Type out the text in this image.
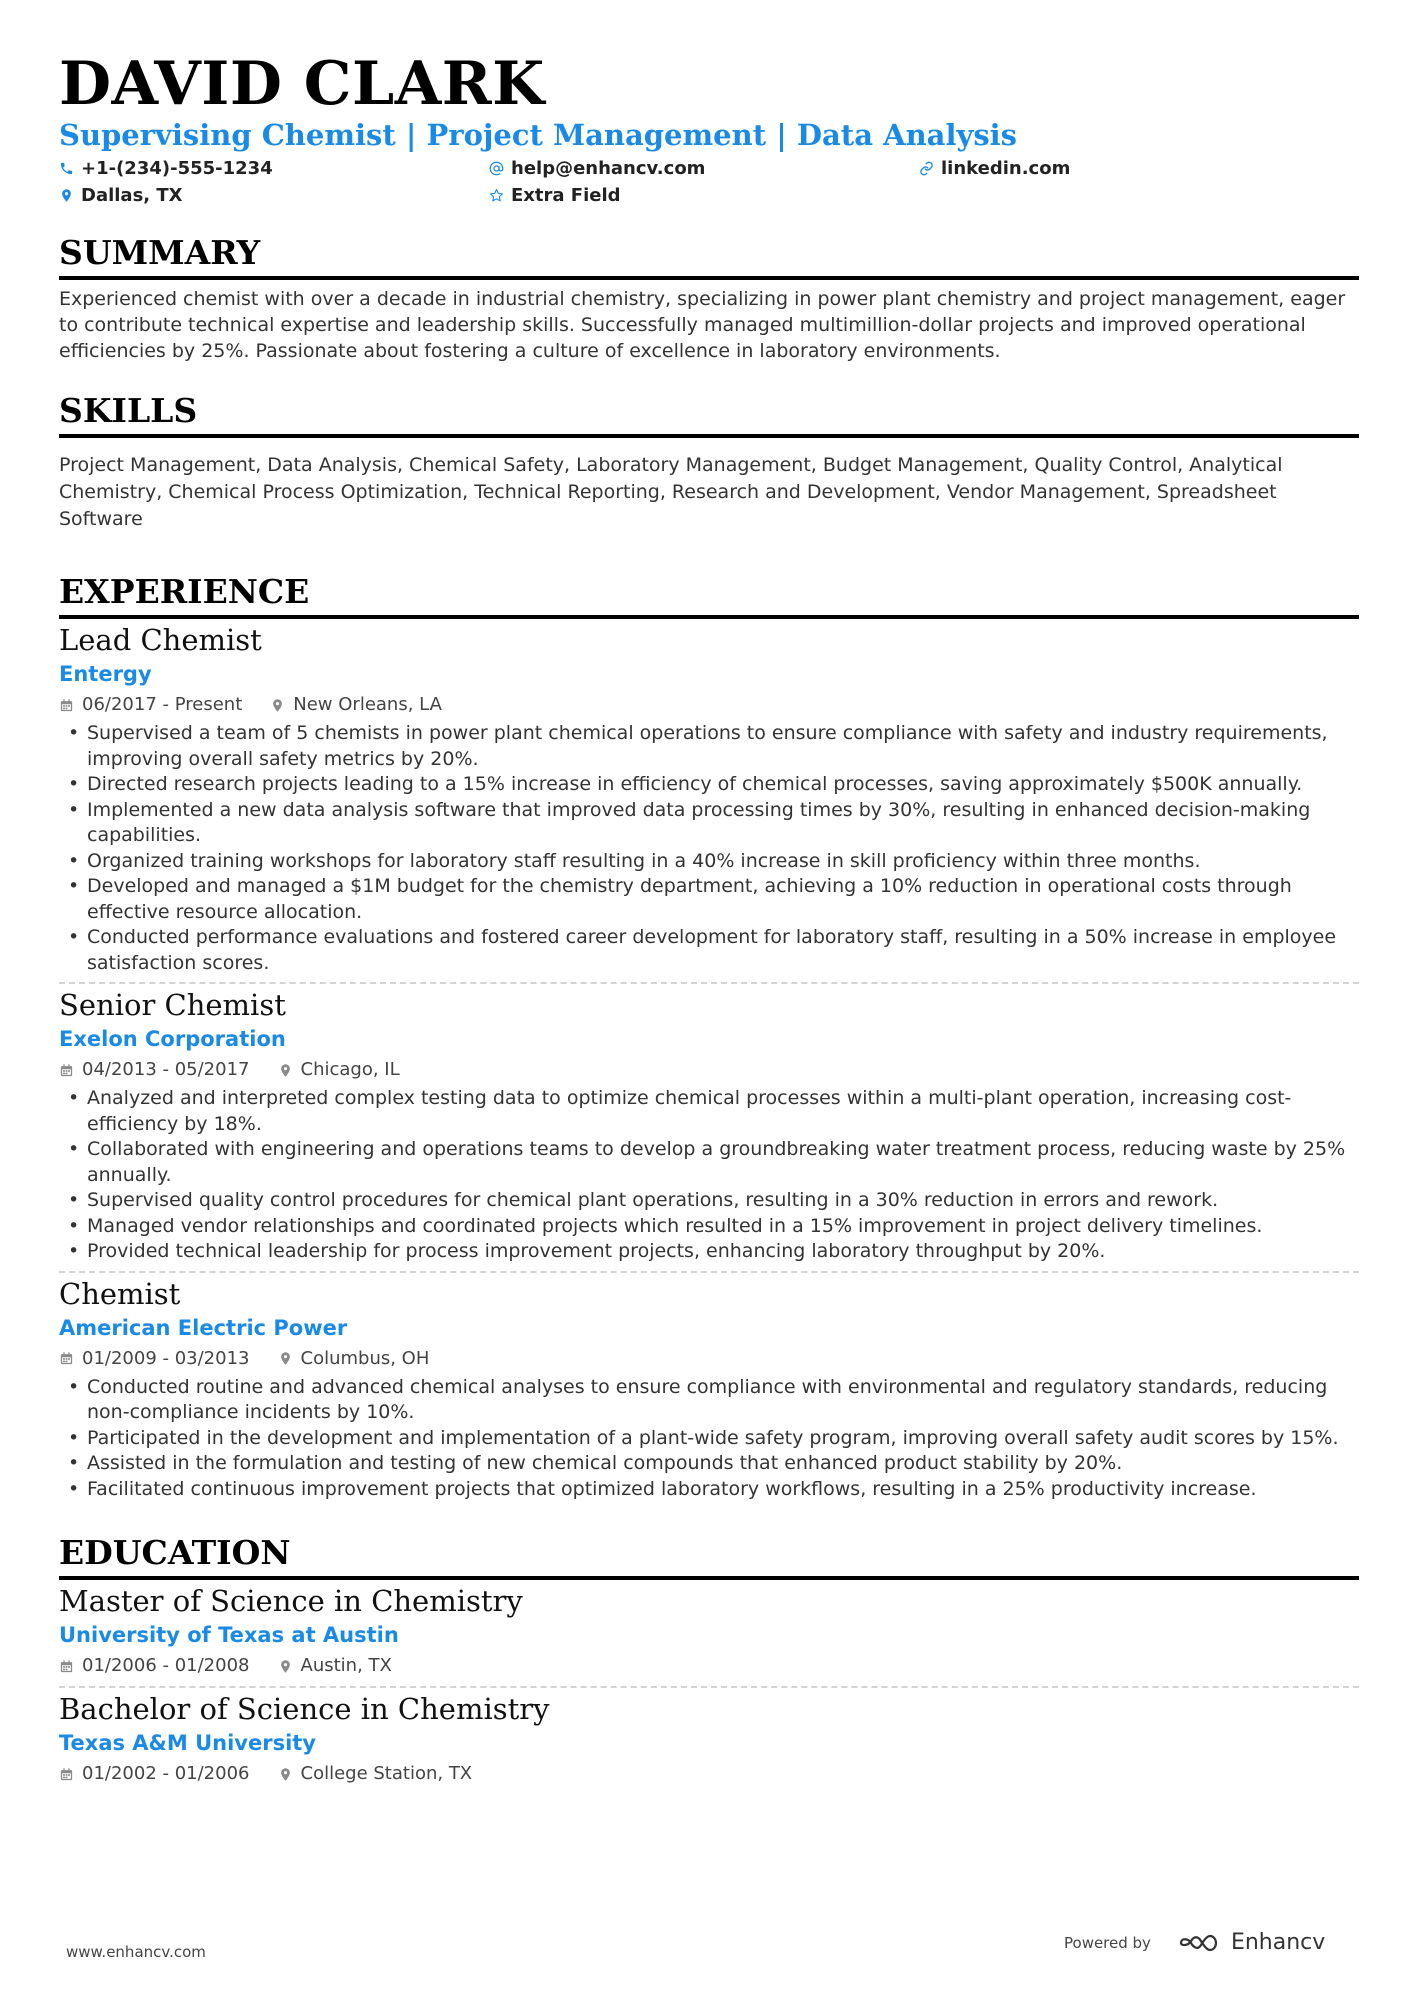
DAVID CLARK

Supervising Chemist | Project Management | Data Analysis

+1-(234)-555-1234	help@enhancv.com	linkedin.com
Dallas, TX	Extra Field
SUMMARY

Experienced chemist with over a decade in industrial chemistry, specializing in power plant chemistry and project management, eager to contribute technical expertise and leadership skills. Successfully managed multimillion-dollar projects and improved operational efficiencies by 25%. Passionate about fostering a culture of excellence in laboratory environments.

SKILLS

Project Management, Data Analysis, Chemical Safety, Laboratory Management, Budget Management, Quality Control, Analytical Chemistry, Chemical Process Optimization, Technical Reporting, Research and Development, Vendor Management, Spreadsheet Software

EXPERIENCE

Lead Chemist

Entergy

06/2017 - Present	New Orleans, LA
• Supervised a team of 5 chemists in power plant chemical operations to ensure compliance with safety and industry requirements, improving overall safety metrics by 20%.
• Directed research projects leading to a 15% increase in efficiency of chemical processes, saving approximately $500K annually.
• Implemented a new data analysis software that improved data processing times by 30%, resulting in enhanced decision-making capabilities.
• Organized training workshops for laboratory staff resulting in a 40% increase in skill proficiency within three months.
• Developed and managed a $1M budget for the chemistry department, achieving a 10% reduction in operational costs through effective resource allocation.
• Conducted performance evaluations and fostered career development for laboratory staff, resulting in a 50% increase in employee satisfaction scores.

Senior Chemist

Exelon Corporation

04/2013 - 05/2017	Chicago, IL
• Analyzed and interpreted complex testing data to optimize chemical processes within a multi-plant operation, increasing cost-efficiency by 18%.
• Collaborated with engineering and operations teams to develop a groundbreaking water treatment process, reducing waste by 25% annually.
• Supervised quality control procedures for chemical plant operations, resulting in a 30% reduction in errors and rework.
• Managed vendor relationships and coordinated projects which resulted in a 15% improvement in project delivery timelines.
• Provided technical leadership for process improvement projects, enhancing laboratory throughput by 20%.

Chemist

American Electric Power

01/2009 - 03/2013	Columbus, OH
• Conducted routine and advanced chemical analyses to ensure compliance with environmental and regulatory standards, reducing non-compliance incidents by 10%.
• Participated in the development and implementation of a plant-wide safety program, improving overall safety audit scores by 15%.
• Assisted in the formulation and testing of new chemical compounds that enhanced product stability by 20%.
• Facilitated continuous improvement projects that optimized laboratory workflows, resulting in a 25% productivity increase.
EDUCATION

Master of Science in Chemistry

University of Texas at Austin

01/2006 - 01/2008	Austin, TX

Bachelor of Science in Chemistry

Texas A&M University

01/2002 - 01/2006	College Station, TX
www.enhancv.com
Powered by	Enhancv
